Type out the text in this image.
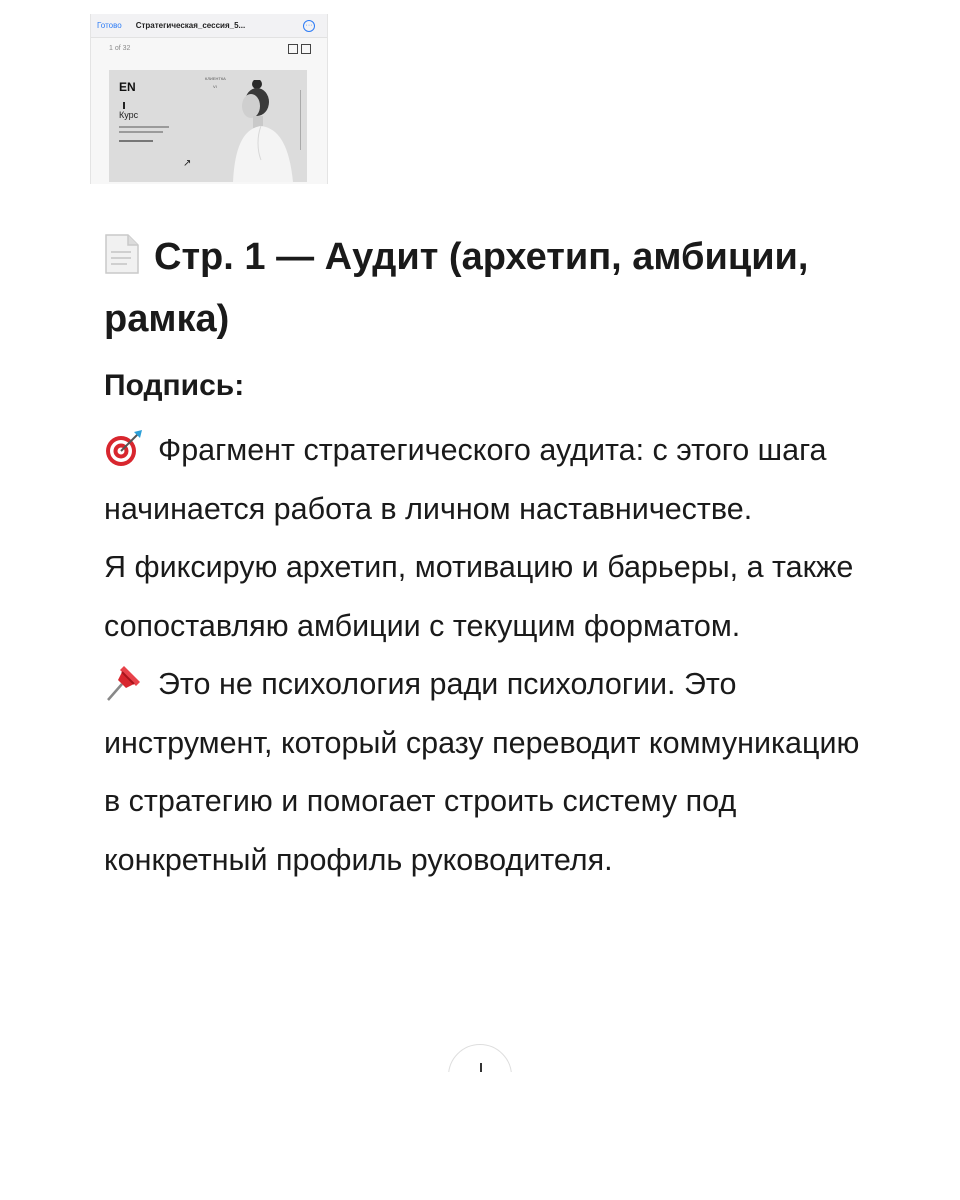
Готово Стратегическая_сессия_5...	···
1 of 32
EN
Курс
КЛИЕНТКА
VI
↗
Стр. 1 — Аудит (архетип, амбиции, рамка)
Подпись:

Фрагмент стратегического аудита: с этого шага начинается работа в личном наставничестве.

Я фиксирую архетип, мотивацию и барьеры, а также сопоставляю амбиции с текущим форматом.

Это не психология ради психологии. Это инструмент, который сразу переводит коммуникацию в стратегию и помогает строить систему под конкретный профиль руководителя.
